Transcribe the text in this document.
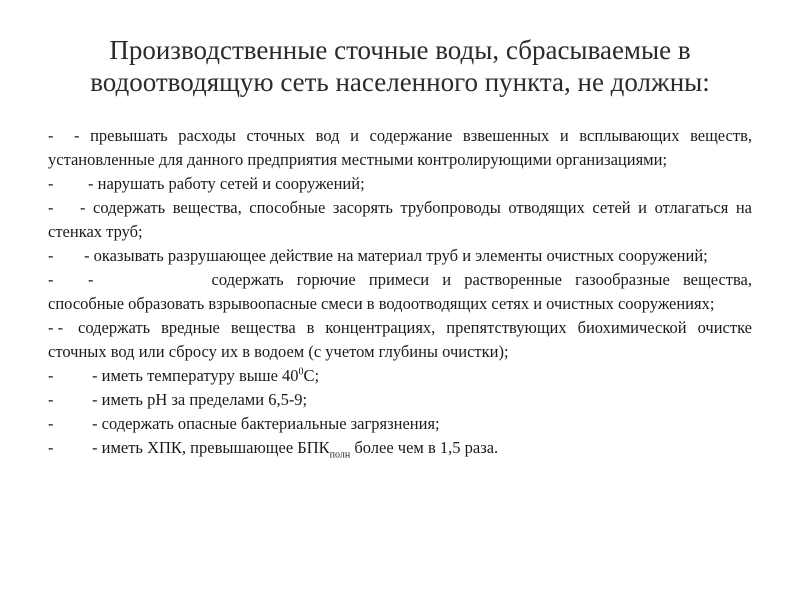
Производственные сточные воды, сбрасываемые в
водоотводящую сеть населенного пункта, не должны:
- - превышать расходы сточных вод и содержание взвешенных и всплывающих веществ, установленные для данного предприятия местными контролирующими организациями;
- - нарушать работу сетей и сооружений;
- - содержать вещества, способные засорять трубопроводы отводящих сетей и отлагаться на стенках труб;
- - оказывать разрушающее действие на материал труб и элементы очистных сооружений;
- -	содержать горючие примеси и растворенные газообразные вещества, способные образовать взрывоопасные смеси в водоотводящих сетях и очистных сооружениях;
- - содержать вредные вещества в концентрациях, препятствующих биохимической очистке сточных вод или сбросу их в водоем (с учетом глубины очистки);
- - иметь температуру выше $40^0С$;
- - иметь pH за пределами 6,5-9;
- - содержать опасные бактериальные загрязнения;
- - иметь ХПК, превышающее $БПК_{полн}$ более чем в 1,5 раза.
